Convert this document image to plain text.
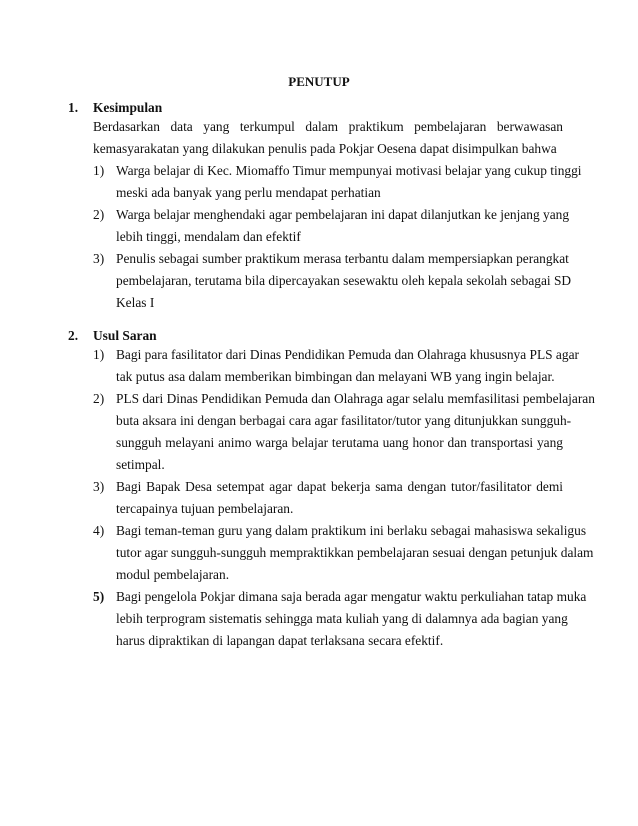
PENUTUP
1. Kesimpulan
Berdasarkan data yang terkumpul dalam praktikum pembelajaran berwawasan
kemasyarakatan yang dilakukan penulis pada Pokjar Oesena dapat disimpulkan bahwa
1) Warga belajar di Kec. Miomaffo Timur mempunyai motivasi belajar yang cukup tinggi
meski ada banyak yang perlu mendapat perhatian
2) Warga belajar menghendaki agar pembelajaran ini dapat dilanjutkan ke jenjang yang
lebih tinggi, mendalam dan efektif
3) Penulis sebagai sumber praktikum merasa terbantu dalam mempersiapkan perangkat
pembelajaran, terutama bila dipercayakan sesewaktu oleh kepala sekolah sebagai SD
Kelas I
2. Usul Saran
1) Bagi para fasilitator dari Dinas Pendidikan Pemuda dan Olahraga khususnya PLS agar
tak putus asa dalam memberikan bimbingan dan melayani WB yang ingin belajar.
2) PLS dari Dinas Pendidikan Pemuda dan Olahraga agar selalu memfasilitasi pembelajaran
buta aksara ini dengan berbagai cara agar fasilitator/tutor yang ditunjukkan sungguh-
sungguh melayani animo warga belajar terutama uang honor dan transportasi yang
setimpal.
3) Bagi Bapak Desa setempat agar dapat bekerja sama dengan tutor/fasilitator demi
tercapainya tujuan pembelajaran.
4) Bagi teman-teman guru yang dalam praktikum ini berlaku sebagai mahasiswa sekaligus
tutor agar sungguh-sungguh mempraktikkan pembelajaran sesuai dengan petunjuk dalam
modul pembelajaran.
5) Bagi pengelola Pokjar dimana saja berada agar mengatur waktu perkuliahan tatap muka
lebih terprogram sistematis sehingga mata kuliah yang di dalamnya ada bagian yang
harus dipraktikan di lapangan dapat terlaksana secara efektif.
